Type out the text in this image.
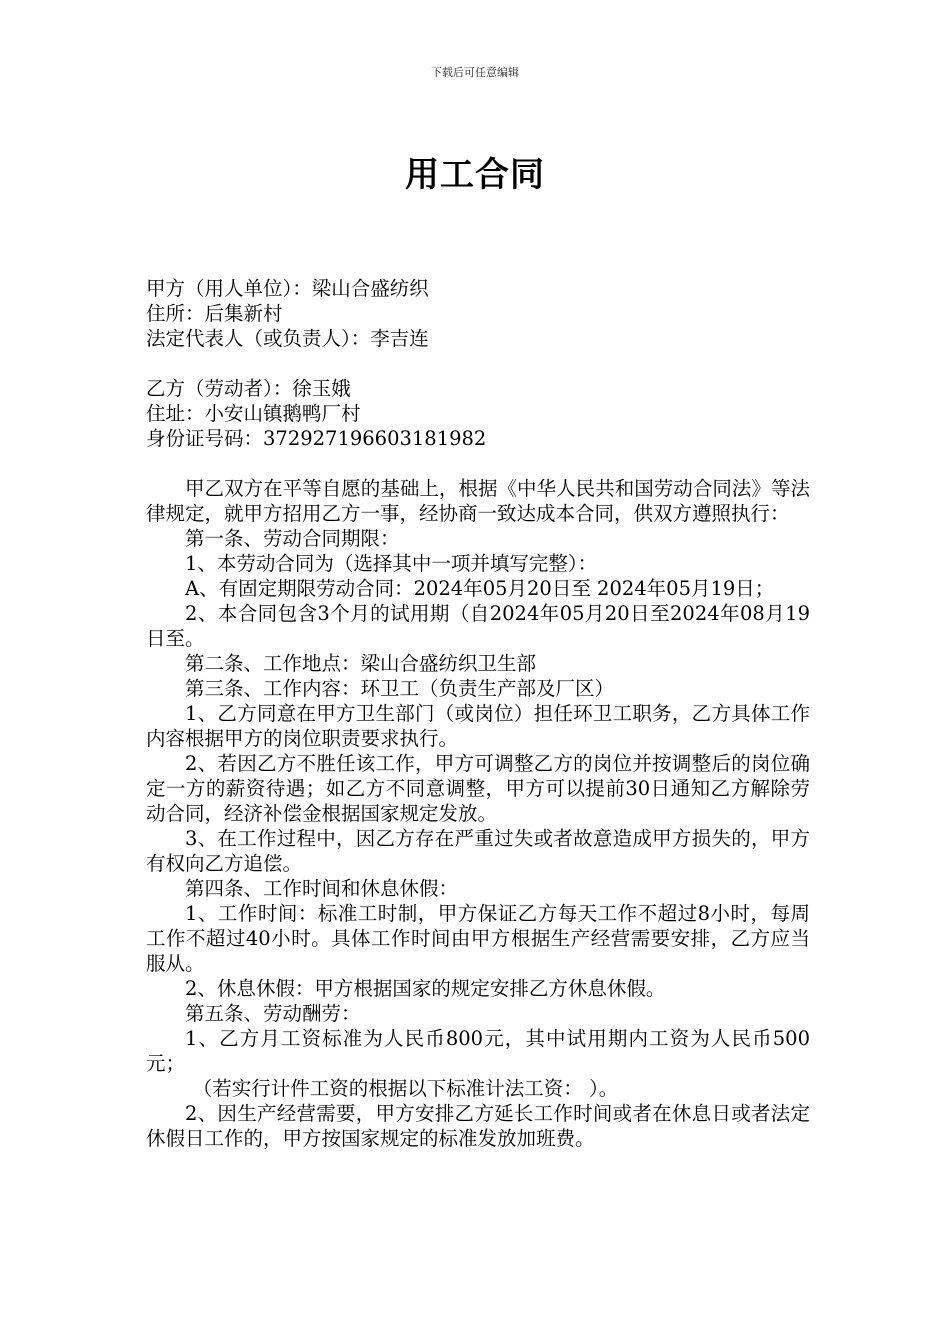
下载后可任意编辑
用工合同

甲方（用人单位）：梁山合盛纺织

住所：后集新村

法定代表人（或负责人）：李吉连

乙方（劳动者）：徐玉娥

住址：小安山镇鹅鸭厂村

身份证号码：372927196603181982

甲乙双方在平等自愿的基础上，根据《中华人民共和国劳动合同法》等法律规定，就甲方招用乙方一事，经协商一致达成本合同，供双方遵照执行：

第一条、劳动合同期限：

1、本劳动合同为（选择其中一项并填写完整）：

A、有固定期限劳动合同：2024年05月20日至 2024年05月19日；

2、本合同包含3个月的试用期（自2024年05月20日至2024年08月19日至。

第二条、工作地点：梁山合盛纺织卫生部

第三条、工作内容：环卫工（负责生产部及厂区）

1、乙方同意在甲方卫生部门（或岗位）担任环卫工职务，乙方具体工作内容根据甲方的岗位职责要求执行。

2、若因乙方不胜任该工作，甲方可调整乙方的岗位并按调整后的岗位确定一方的薪资待遇；如乙方不同意调整，甲方可以提前30日通知乙方解除劳动合同，经济补偿金根据国家规定发放。

3、在工作过程中，因乙方存在严重过失或者故意造成甲方损失的，甲方有权向乙方追偿。

第四条、工作时间和休息休假：

1、工作时间：标准工时制，甲方保证乙方每天工作不超过8小时，每周工作不超过40小时。具体工作时间由甲方根据生产经营需要安排，乙方应当服从。

2、休息休假：甲方根据国家的规定安排乙方休息休假。

第五条、劳动酬劳：

1、乙方月工资标准为人民币800元，其中试用期内工资为人民币500元；

（若实行计件工资的根据以下标准计法工资： ）。

2、因生产经营需要，甲方安排乙方延长工作时间或者在休息日或者法定休假日工作的，甲方按国家规定的标准发放加班费。
